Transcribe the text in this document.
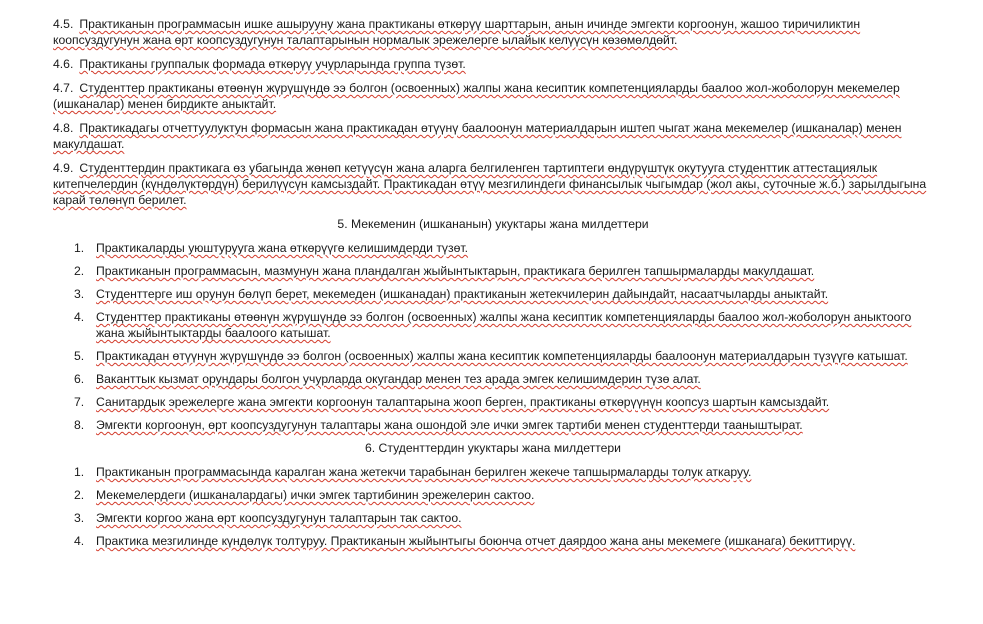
4.5. Практиканын программасын ишке ашырууну жана практиканы өткөрүү шарттарын, анын ичинде эмгекти коргоонун, жашоо тиричиликтин коопсуздугунун жана өрт коопсуздугунун талаптарынын нормалык эрежелерге ылайык келүүсүн көзөмөлдөйт.
4.6. Практиканы группалык формада өткөрүү учурларында группа түзөт.
4.7. Студенттер практиканы өтөөнүн жүрүшүндө ээ болгон (освоенных) жалпы жана кесиптик компетенцияларды баалоо жол-жоболорун мекемелер (ишканалар) менен бирдикте аныктайт.
4.8. Практикадагы отчеттуулуктун формасын жана практикадан өтүүнү баалоонун материалдарын иштеп чыгат жана мекемелер (ишканалар) менен макулдашат.
4.9. Студенттердин практикага өз убагында жөнөп кетүүсүн жана аларга белгиленген тартиптеги өндүрүштүк окутууга студенттик аттестациялык китепчелердин (күндөлүктөрдүн) берилүүсүн камсыздайт. Практикадан өтүү мезгилиндеги финансылык чыгымдар (жол акы, суточные ж.б.) зарылдыгына карай төлөнүп берилет.
5. Мекеменин (ишкананын) укуктары жана милдеттери
1. Практикаларды уюштурууга жана өткөрүүгө келишимдерди түзөт.
2. Практиканын программасын, мазмунун жана пландалган жыйынтыктарын, практикага берилген тапшырмаларды макулдашат.
3. Студенттерге иш орунун бөлүп берет, мекемеден (ишканадан) практиканын жетекчилерин дайындайт, насаатчыларды аныктайт.
4. Студенттер практиканы өтөөнүн жүрүшүндө ээ болгон (освоенных) жалпы жана кесиптик компетенцияларды баалоо жол-жоболорун аныктоого жана жыйынтыктарды баалоого катышат.
5. Практикадан өтүүнүн жүрүшүндө ээ болгон (освоенных) жалпы жана кесиптик компетенцияларды баалоонун материалдарын түзүүгө катышат.
6. Ваканттык кызмат орундары болгон учурларда окугандар менен тез арада эмгек келишимдерин түзө алат.
7. Санитардык эрежелерге жана эмгекти коргоонун талаптарына жооп берген, практиканы өткөрүүнүн коопсуз шартын камсыздайт.
8. Эмгекти коргоонун, өрт коопсуздугунун талаптары жана ошондой эле ички эмгек тартиби менен студенттерди тааныштырат.
6. Студенттердин укуктары жана милдеттери
1. Практиканын программасында каралган жана жетекчи тарабынан берилген жекече тапшырмаларды толук аткаруу.
2. Мекемелердеги (ишканалардагы) ички эмгек тартибинин эрежелерин сактоо.
3. Эмгекти коргоо жана өрт коопсуздугунун талаптарын так сактоо.
4. Практика мезгилинде күндөлүк толтуруу. Практиканын жыйынтыгы боюнча отчет даярдоо жана аны мекемеге (ишканага) бекиттирүү.
